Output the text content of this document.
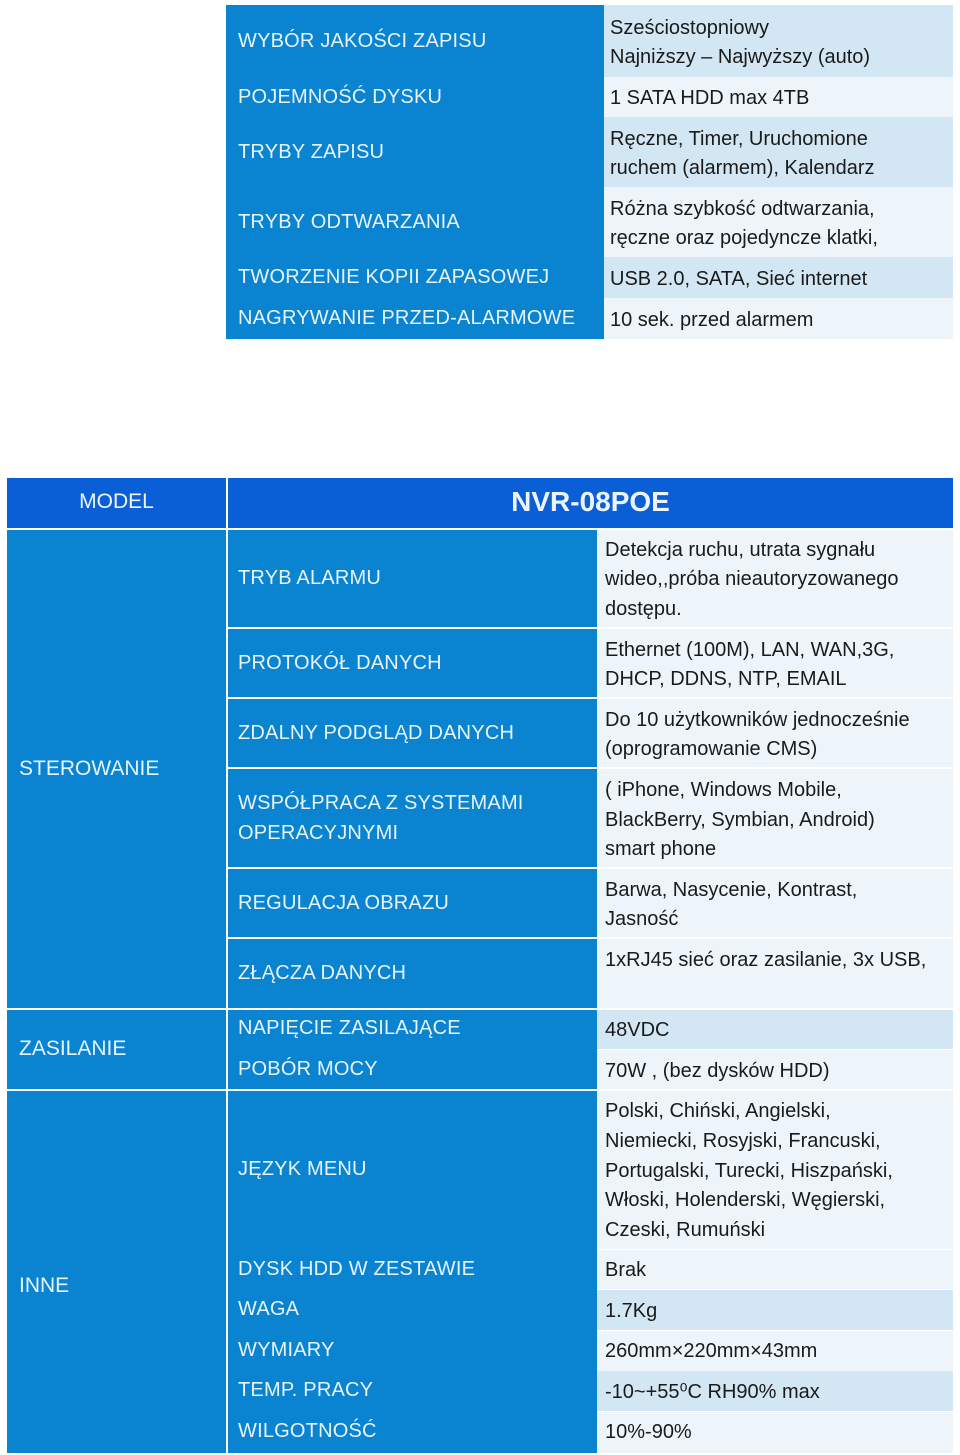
WYBÓR JAKOŚCI ZAPISU
POJEMNOŚĆ DYSKU
TRYBY ZAPISU
TRYBY ODTWARZANIA
TWORZENIE KOPII ZAPASOWEJ
NAGRYWANIE PRZED-ALARMOWE
Sześciostopniowy
Najniższy – Najwyższy (auto)
1 SATA HDD max 4TB
Ręczne, Timer, Uruchomione
ruchem (alarmem), Kalendarz
Różna szybkość odtwarzania,
ręczne oraz pojedyncze klatki,
USB 2.0, SATA, Sieć internet
10 sek. przed alarmem
MODEL	NVR-08POE
STEROWANIE
ZASILANIE
INNE
TRYB ALARMU
PROTOKÓŁ DANYCH
ZDALNY PODGLĄD DANYCH
WSPÓŁPRACA Z SYSTEMAMI
OPERACYJNYMI
REGULACJA OBRAZU
ZŁĄCZA DANYCH
NAPIĘCIE ZASILAJĄCE
POBÓR MOCY
JĘZYK MENU
DYSK HDD W ZESTAWIE
WAGA
WYMIARY
TEMP. PRACY
WILGOTNOŚĆ
Detekcja ruchu, utrata sygnału
wideo,,próba nieautoryzowanego
dostępu.
Ethernet (100M), LAN, WAN,3G,
DHCP, DDNS, NTP, EMAIL
Do 10 użytkowników jednocześnie
(oprogramowanie CMS)
( iPhone, Windows Mobile,
BlackBerry, Symbian, Android)
smart phone
Barwa, Nasycenie, Kontrast,
Jasność
1xRJ45 sieć oraz zasilanie, 3x USB,
48VDC
70W , (bez dysków HDD)
Polski, Chiński, Angielski,
Niemiecki, Rosyjski, Francuski,
Portugalski, Turecki, Hiszpański,
Włoski, Holenderski, Węgierski,
Czeski, Rumuński
Brak
1.7Kg
260mm×220mm×43mm
-10~+55⁰C RH90% max
10%-90%
